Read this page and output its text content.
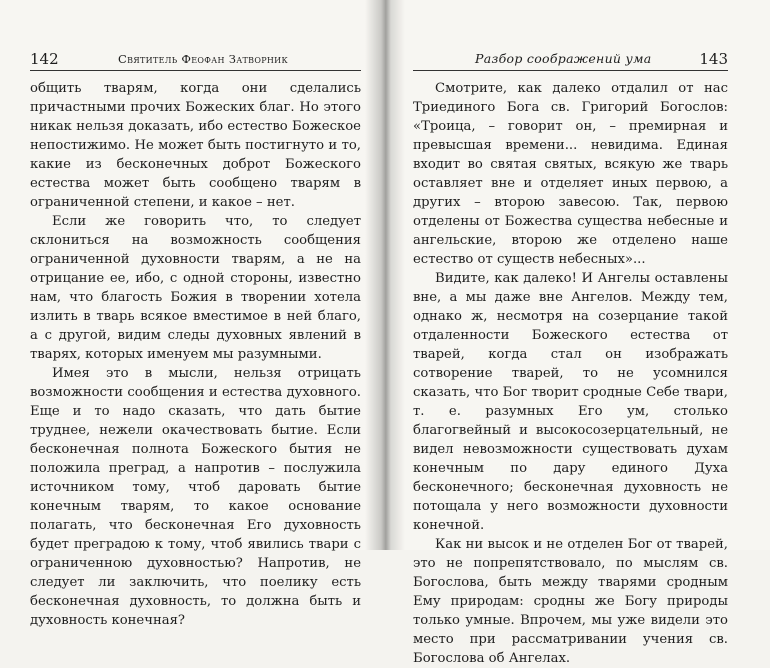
142	Святитель Феофан Затворник

общить тварям, когда они сделались причастными прочих Божеских благ. Но этого никак нельзя доказать, ибо естество Божеское непостижимо. Не может быть постигнуто и то, какие из бесконечных доброт Божеского естества может быть сообщено тварям в ограниченной степени, и какое – нет.

Если же говорить что, то следует склониться на возможность сообщения ограниченной духовности тварям, а не на отрицание ее, ибо, с одной стороны, известно нам, что благость Божия в творении хотела излить в тварь всякое вместимое в ней благо, а с другой, видим следы духовных явлений в тварях, которых именуем мы разумными.

Имея это в мысли, нельзя отрицать возможности сообщения и естества духовного. Еще и то надо сказать, что дать бытие труднее, нежели окачествовать бытие. Если бесконечная полнота Божеского бытия не положила преград, а напротив – послужила источником тому, чтоб даровать бытие конечным тварям, то какое основание полагать, что бесконечная Его духовность будет преградою к тому, чтоб явились твари с ограниченною духовностью? Напротив, не следует ли заключить, что поелику есть бесконечная духовность, то должна быть и духовность конечная?

Разбор соображений ума	143

Смотрите, как далеко отдалил от нас Триединого Бога св. Григорий Богослов: «Троица, – говорит он, – премирная и превысшая времени... невидима. Единая входит во святая святых, всякую же тварь оставляет вне и отделяет иных первою, а других – второю завесою. Так, первою отделены от Божества существа небесные и ангельские, второю же отделено наше естество от существ небесных»...

Видите, как далеко! И Ангелы оставлены вне, а мы даже вне Ангелов. Между тем, однако ж, несмотря на созерцание такой отдаленности Божеского естества от тварей, когда стал он изображать сотворение тварей, то не усомнился сказать, что Бог творит сродные Себе твари, т. е. разумных Его ум, столько благогвейный и высокосозерцательный, не видел невозможности существовать духам конечным по дару единого Духа бесконечного; бесконечная духовность не потощала у него возможности духовности конечной.

Как ни высок и не отделен Бог от тварей, это не попрепятствовало, по мыслям св. Богослова, быть между тварями сродным Ему природам: сродны же Богу природы только умные. Впрочем, мы уже видели это место при рассматривании учения св. Богослова об Ангелах.
